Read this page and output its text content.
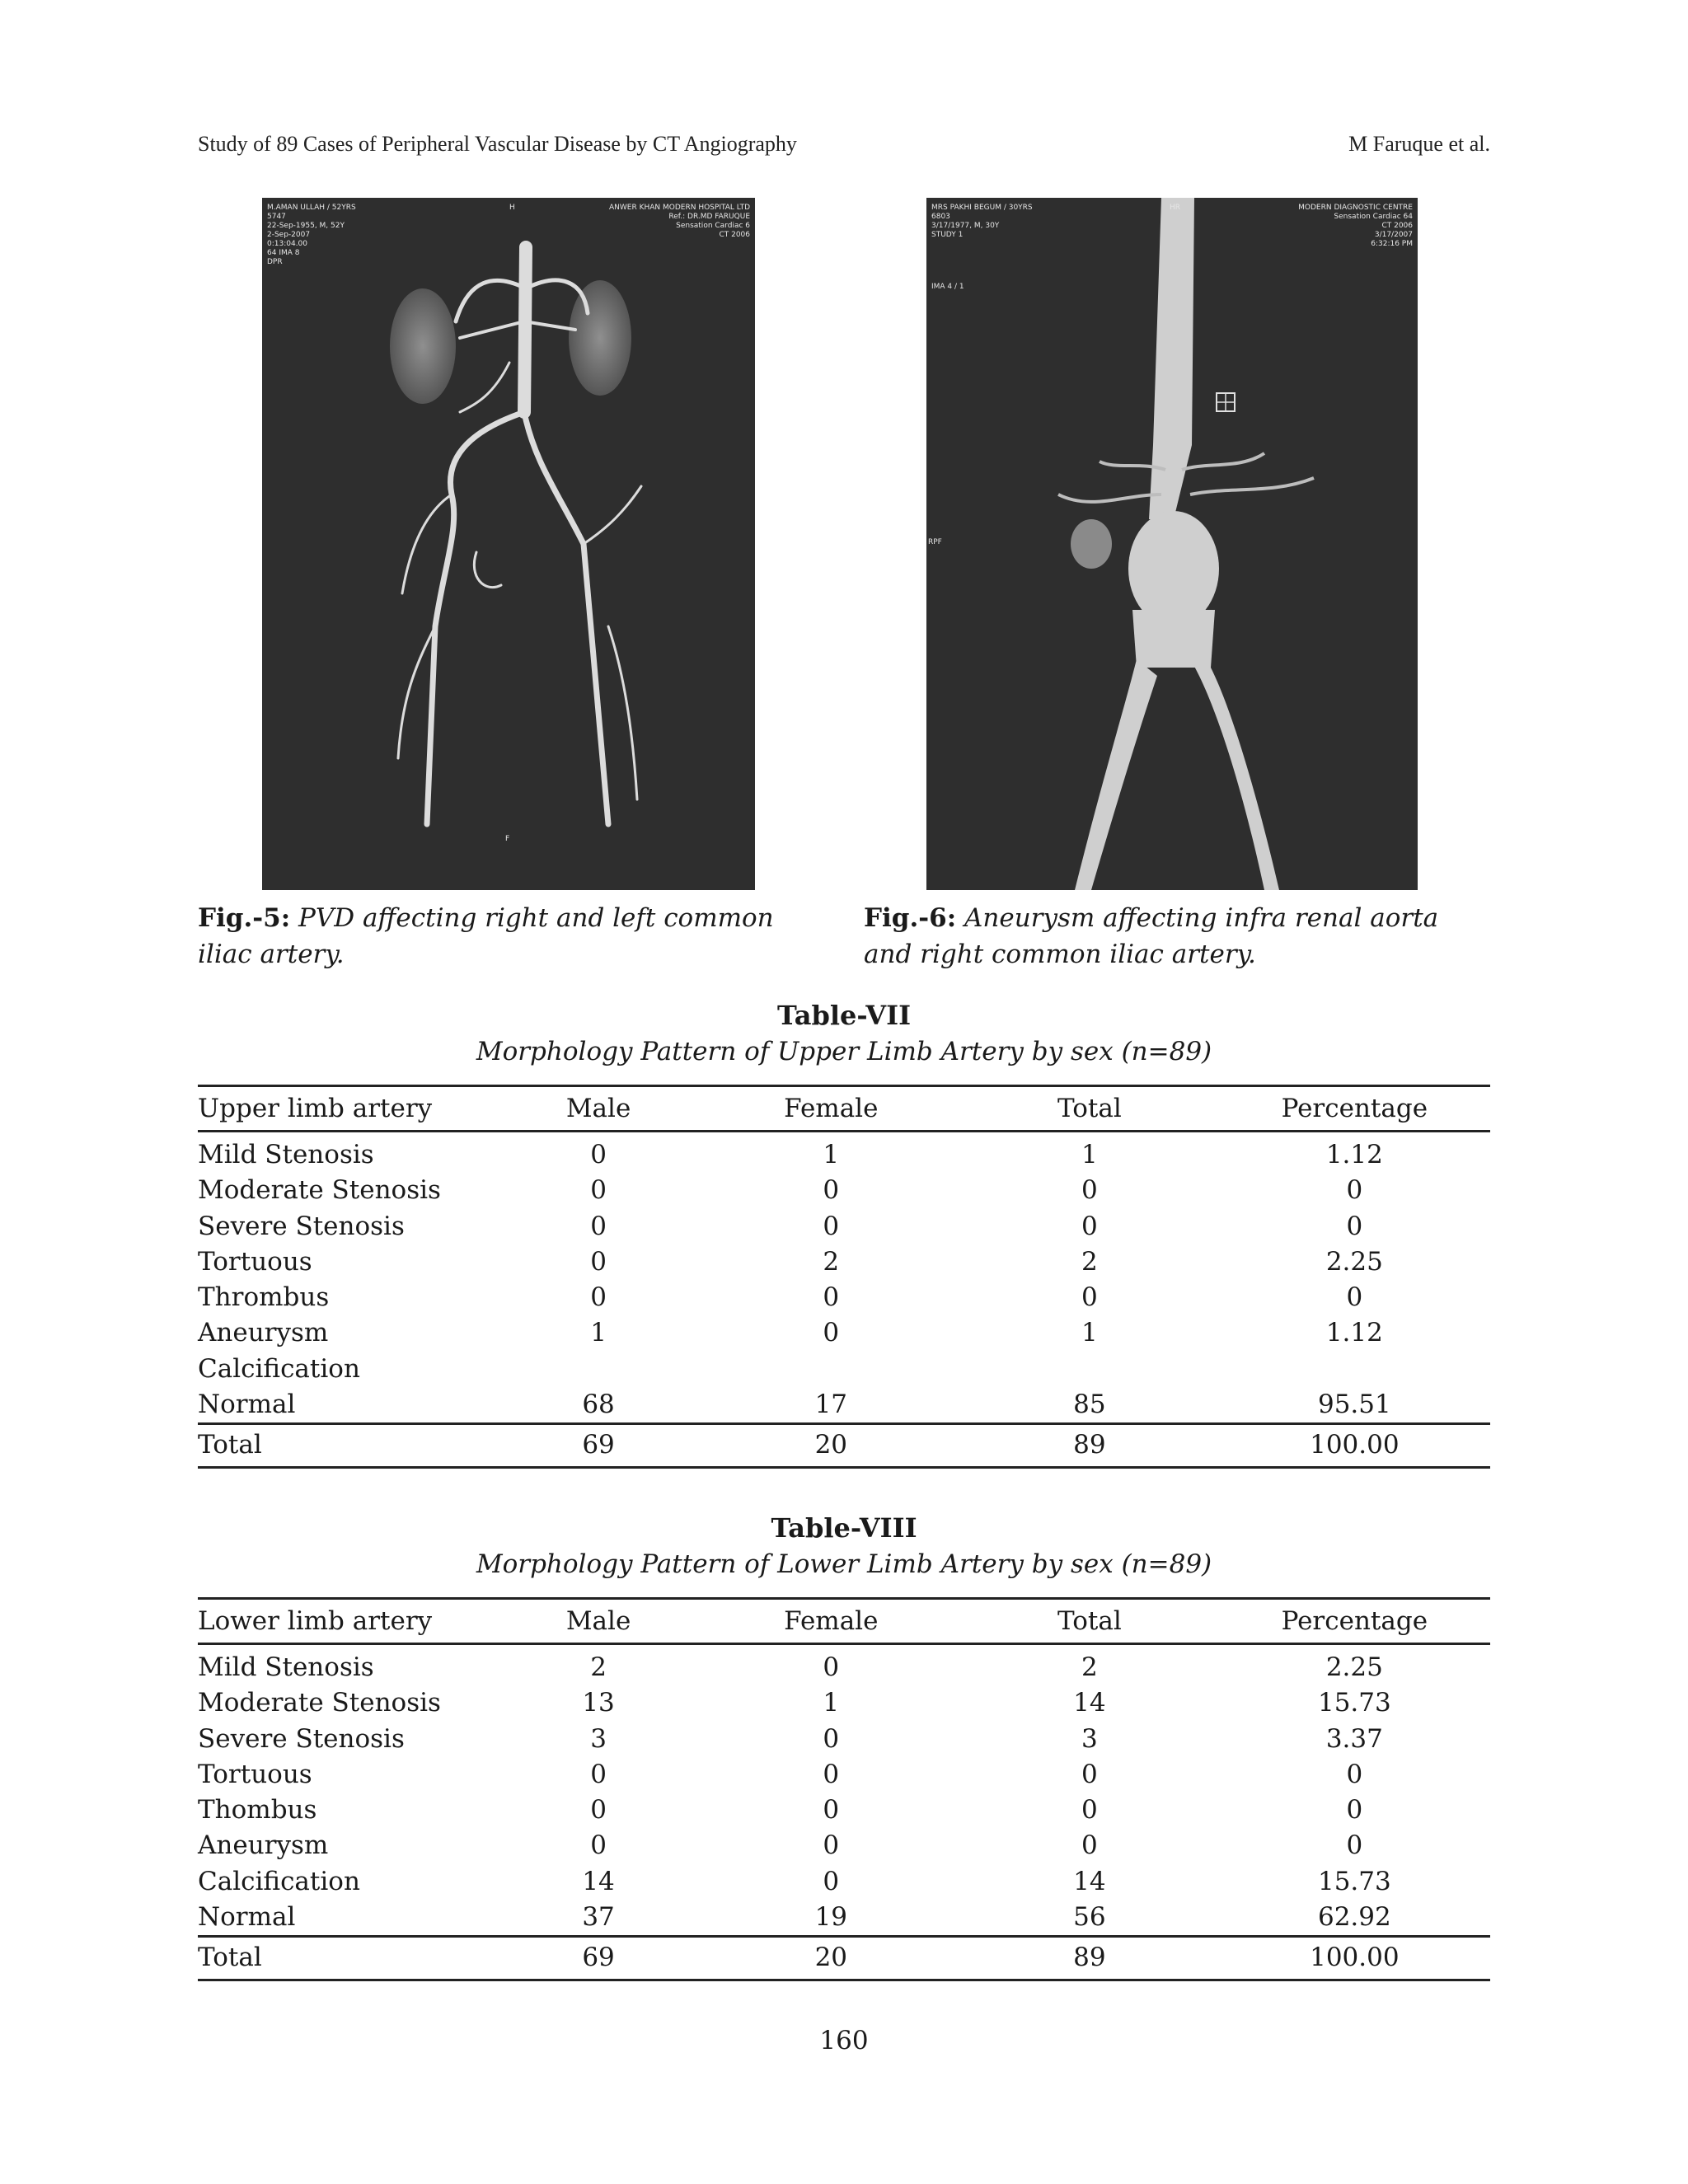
Study of 89 Cases of Peripheral Vascular Disease by CT Angiography	M Faruque et al.
M.AMAN ULLAH / 52YRS
5747
22-Sep-1955, M, 52Y
2-Sep-2007
0:13:04.00
64 IMA 8
DPR
ANWER KHAN MODERN HOSPITAL LTD
Ref.: DR.MD FARUQUE
Sensation Cardiac 6
CT 2006
H
F
MRS PAKHI BEGUM / 30YRS
6803
3/17/1977, M, 30Y
STUDY 1
IMA 4 / 1
MODERN DIAGNOSTIC CENTRE
Sensation Cardiac 64
CT 2006
3/17/2007
6:32:16 PM
HR
RPF
Fig.-5: PVD affecting right and left common iliac artery.
Fig.-6: Aneurysm affecting infra renal aorta and right common iliac artery.
Table-VII
Morphology Pattern of Upper Limb Artery by sex (n=89)
Upper limb artery	Male	Female	Total	Percentage
Mild Stenosis	0	1	1	1.12
Moderate Stenosis	0	0	0	0
Severe Stenosis	0	0	0	0
Tortuous	0	2	2	2.25
Thrombus	0	0	0	0
Aneurysm	1	0	1	1.12
Calcification				
Normal	68	17	85	95.51
Total	69	20	89	100.00
Table-VIII
Morphology Pattern of Lower Limb Artery by sex (n=89)
Lower limb artery	Male	Female	Total	Percentage
Mild Stenosis	2	0	2	2.25
Moderate Stenosis	13	1	14	15.73
Severe Stenosis	3	0	3	3.37
Tortuous	0	0	0	0
Thombus	0	0	0	0
Aneurysm	0	0	0	0
Calcification	14	0	14	15.73
Normal	37	19	56	62.92
Total	69	20	89	100.00
160
